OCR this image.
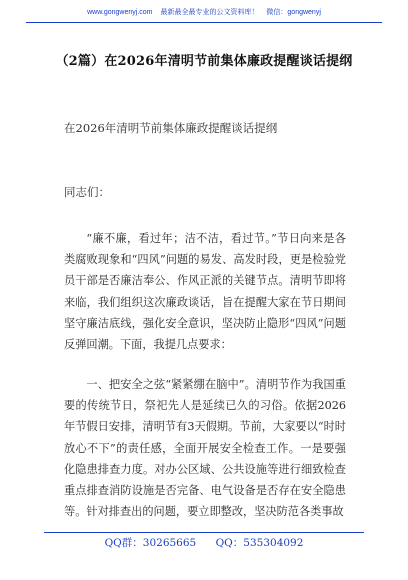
www.gongwenyj.com 最新最全最专业的公文资料库！ 微信：gongwenyj
（2篇）在2026年清明节前集体廉政提醒谈话提纲
在2026年清明节前集体廉政提醒谈话提纲
同志们：

“廉不廉，看过年；洁不洁，看过节。”节日向来是各类腐败现象和“四风”问题的易发、高发时段，更是检验党员干部是否廉洁奉公、作风正派的关键节点。清明节即将来临，我们组织这次廉政谈话，旨在提醒大家在节日期间坚守廉洁底线，强化安全意识，坚决防止隐形“四风”问题反弹回潮。下面，我提几点要求：

一、把安全之弦“紧紧绷在脑中”。清明节作为我国重要的传统节日，祭祀先人是延续已久的习俗。依据2026年节假日安排，清明节有3天假期。节前，大家要以“时时放心不下”的责任感，全面开展安全检查工作。一是要强化隐患排查力度。对办公区域、公共设施等进行细致检查重点排查消防设施是否完备、电气设备是否存在安全隐患等。针对排查出的问题，要立即整改，坚决防范各类事故

QQ群：30265665 QQ：535304092
